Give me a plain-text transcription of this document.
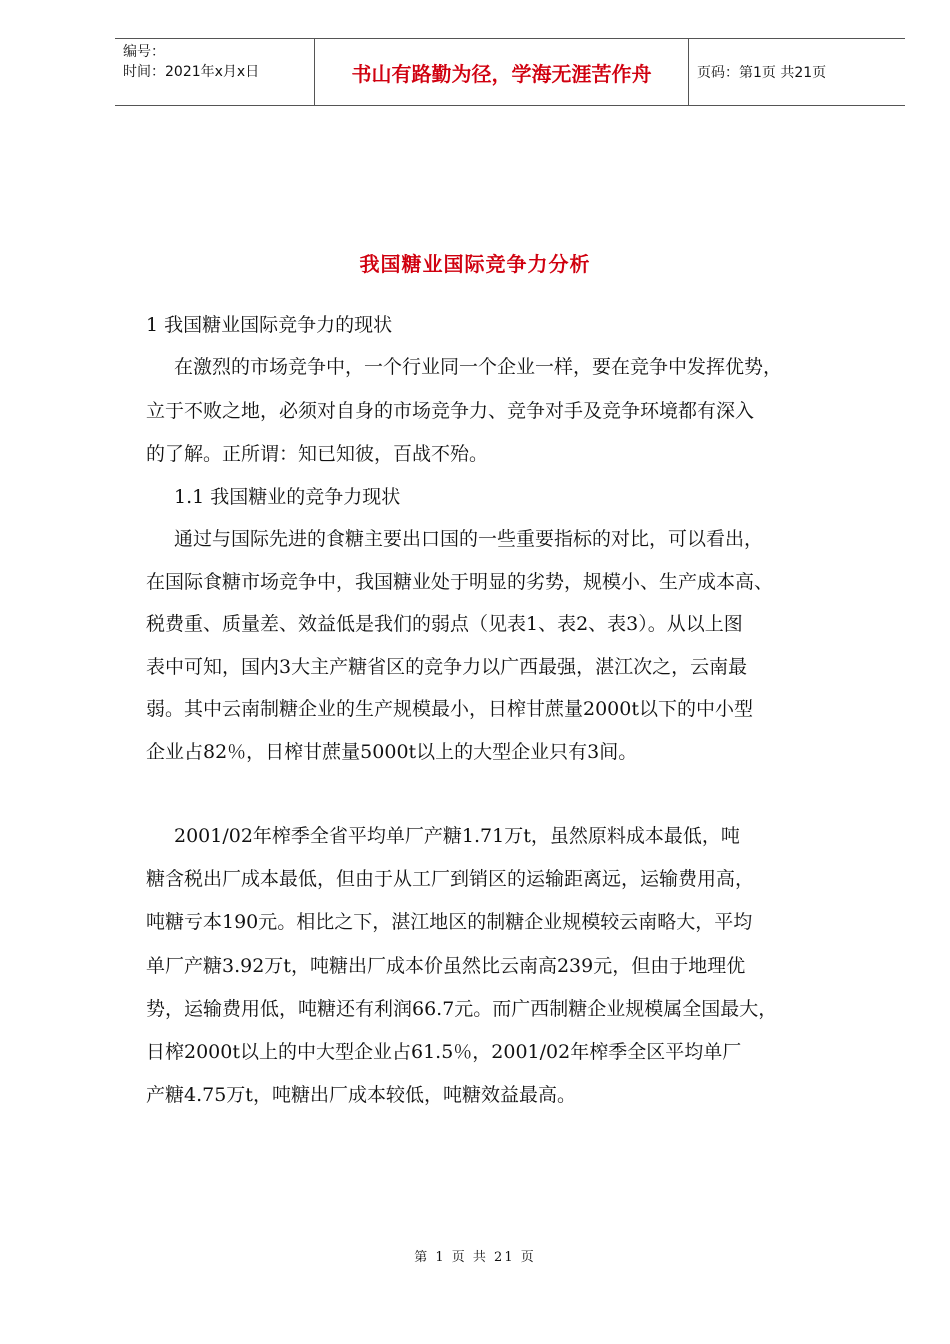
编号：
时间：2021年x月x日	书山有路勤为径，学海无涯苦作舟	页码：第1页 共21页
我国糖业国际竞争力分析
1 我国糖业国际竞争力的现状
在激烈的市场竞争中，一个行业同一个企业一样，要在竞争中发挥优势，
立于不败之地，必须对自身的市场竞争力、竞争对手及竞争环境都有深入
的了解。正所谓：知已知彼，百战不殆。
1.1 我国糖业的竞争力现状
通过与国际先进的食糖主要出口国的一些重要指标的对比，可以看出，
在国际食糖市场竞争中，我国糖业处于明显的劣势，规模小、生产成本高、
税费重、质量差、效益低是我们的弱点（见表1、表2、表3）。从以上图
表中可知，国内3大主产糖省区的竞争力以广西最强，湛江次之，云南最
弱。其中云南制糖企业的生产规模最小，日榨甘蔗量2000t以下的中小型
企业占82％，日榨甘蔗量5000t以上的大型企业只有3间。
2001/02年榨季全省平均单厂产糖1.71万t，虽然原料成本最低，吨
糖含税出厂成本最低，但由于从工厂到销区的运输距离远，运输费用高，
吨糖亏本190元。相比之下，湛江地区的制糖企业规模较云南略大，平均
单厂产糖3.92万t，吨糖出厂成本价虽然比云南高239元，但由于地理优
势，运输费用低，吨糖还有利润66.7元。而广西制糖企业规模属全国最大，
日榨2000t以上的中大型企业占61.5％，2001/02年榨季全区平均单厂
产糖4.75万t，吨糖出厂成本较低，吨糖效益最高。
第 1 页 共 21 页
